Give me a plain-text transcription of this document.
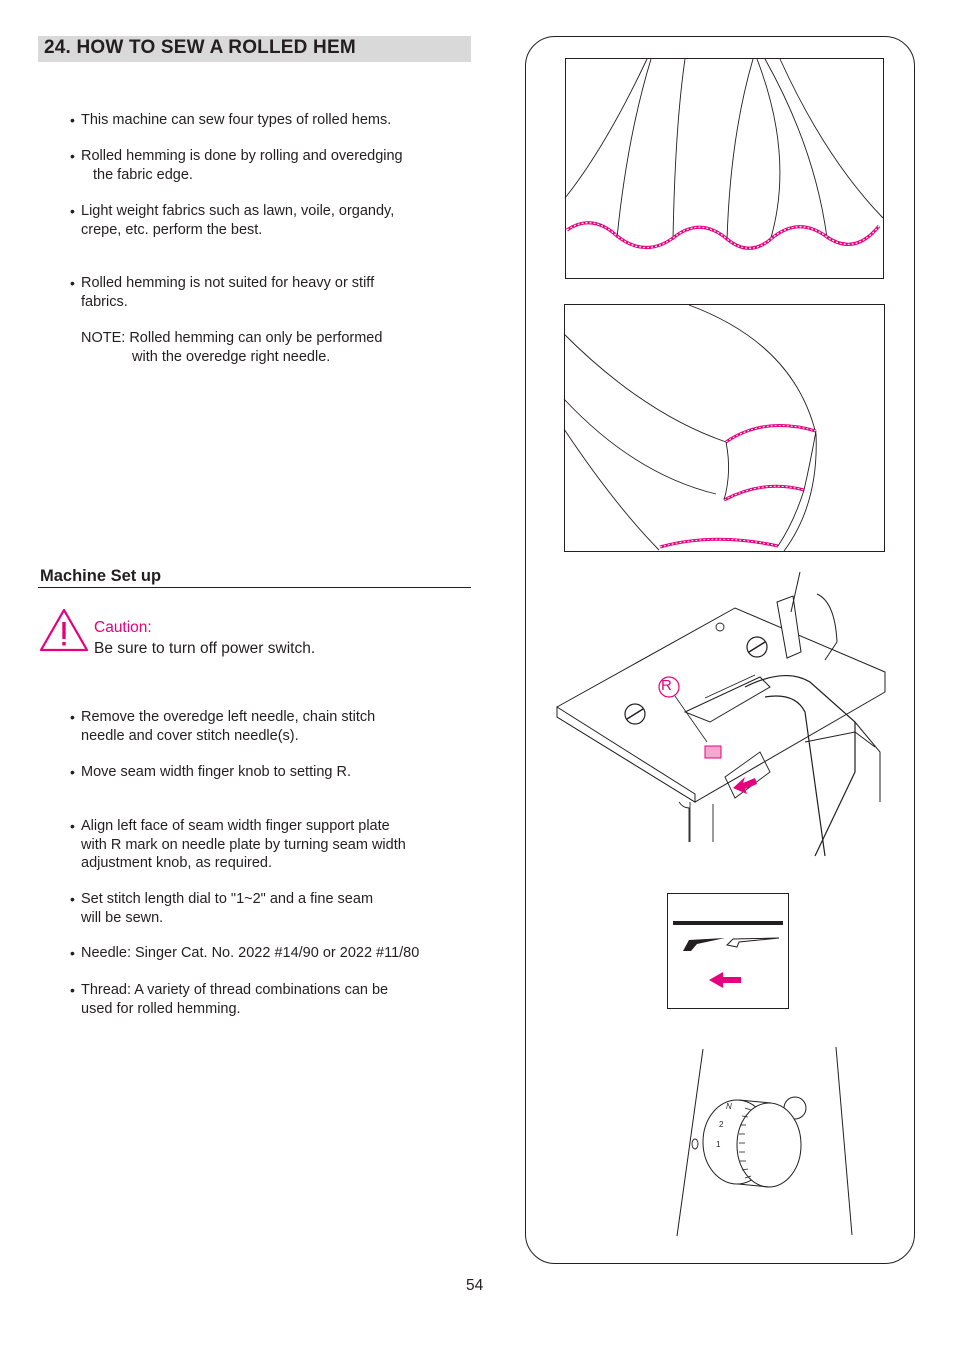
24. HOW TO SEW A ROLLED HEM
• This machine can sew four types of rolled hems.
• Rolled hemming is done by rolling and overedging
the fabric edge.
• Light weight fabrics such as lawn, voile, organdy,
crepe, etc. perform the best.
• Rolled hemming is not suited for heavy or stiff
fabrics.
NOTE: Rolled hemming can only be performed
with the overedge right needle.
Machine Set up
Caution:
Be sure to turn off power switch.
• Remove the overedge left needle, chain stitch
needle and cover stitch needle(s).
• Move seam width finger knob to setting R.
• Align left face of seam width finger support plate
with R mark on needle plate by turning seam width
adjustment knob, as required.
• Set stitch length dial to "1~2" and a fine seam
will be sewn.
• Needle: Singer Cat. No. 2022 #14/90 or 2022 #11/80
• Thread: A variety of thread combinations can be
used for rolled hemming.
R
N
2
1
54
